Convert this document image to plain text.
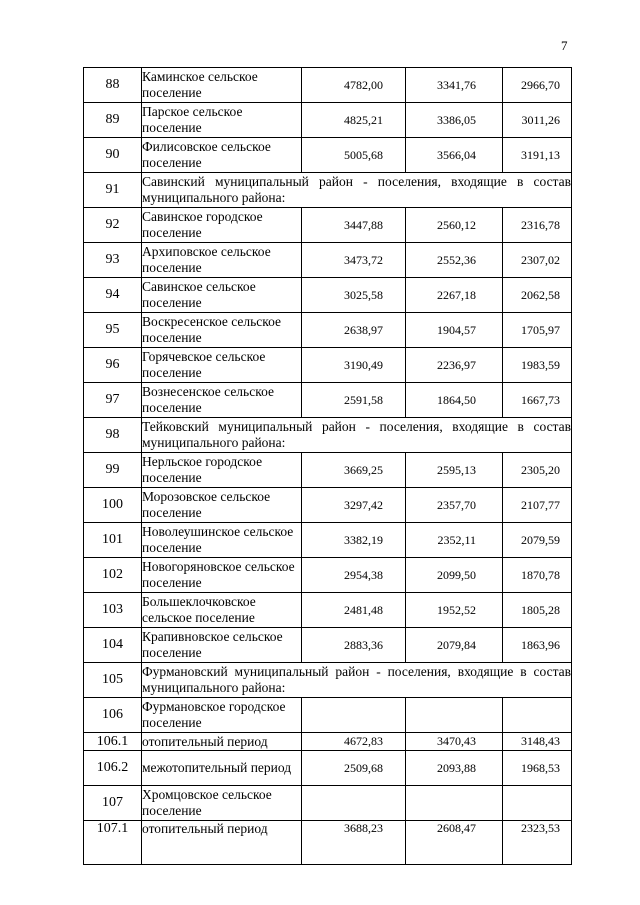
7
88	Каминское сельское поселение	4782,00	3341,76	2966,70
89	Парское сельское поселение	4825,21	3386,05	3011,26
90	Филисовское сельское поселение	5005,68	3566,04	3191,13
91	Савинский муниципальный район - поселения, входящие в состав муниципального района:			
92	Савинское городское поселение	3447,88	2560,12	2316,78
93	Архиповское сельское поселение	3473,72	2552,36	2307,02
94	Савинское сельское поселение	3025,58	2267,18	2062,58
95	Воскресенское сельское поселение	2638,97	1904,57	1705,97
96	Горячевское сельское поселение	3190,49	2236,97	1983,59
97	Вознесенское сельское поселение	2591,58	1864,50	1667,73
98	Тейковский муниципальный район - поселения, входящие в состав муниципального района:			
99	Нерльское городское поселение	3669,25	2595,13	2305,20
100	Морозовское сельское поселение	3297,42	2357,70	2107,77
101	Новолеушинское сельское поселение	3382,19	2352,11	2079,59
102	Новогоряновское сельское поселение	2954,38	2099,50	1870,78
103	Большеклочковское сельское поселение	2481,48	1952,52	1805,28
104	Крапивновское сельское поселение	2883,36	2079,84	1863,96
105	Фурмановский муниципальный район - поселения, входящие в состав муниципального района:			
106	Фурмановское городское поселение			
106.1	отопительный период	4672,83	3470,43	3148,43
106.2	межотопительный период	2509,68	2093,88	1968,53
107	Хромцовское сельское поселение			
107.1	отопительный период	3688,23	2608,47	2323,53
